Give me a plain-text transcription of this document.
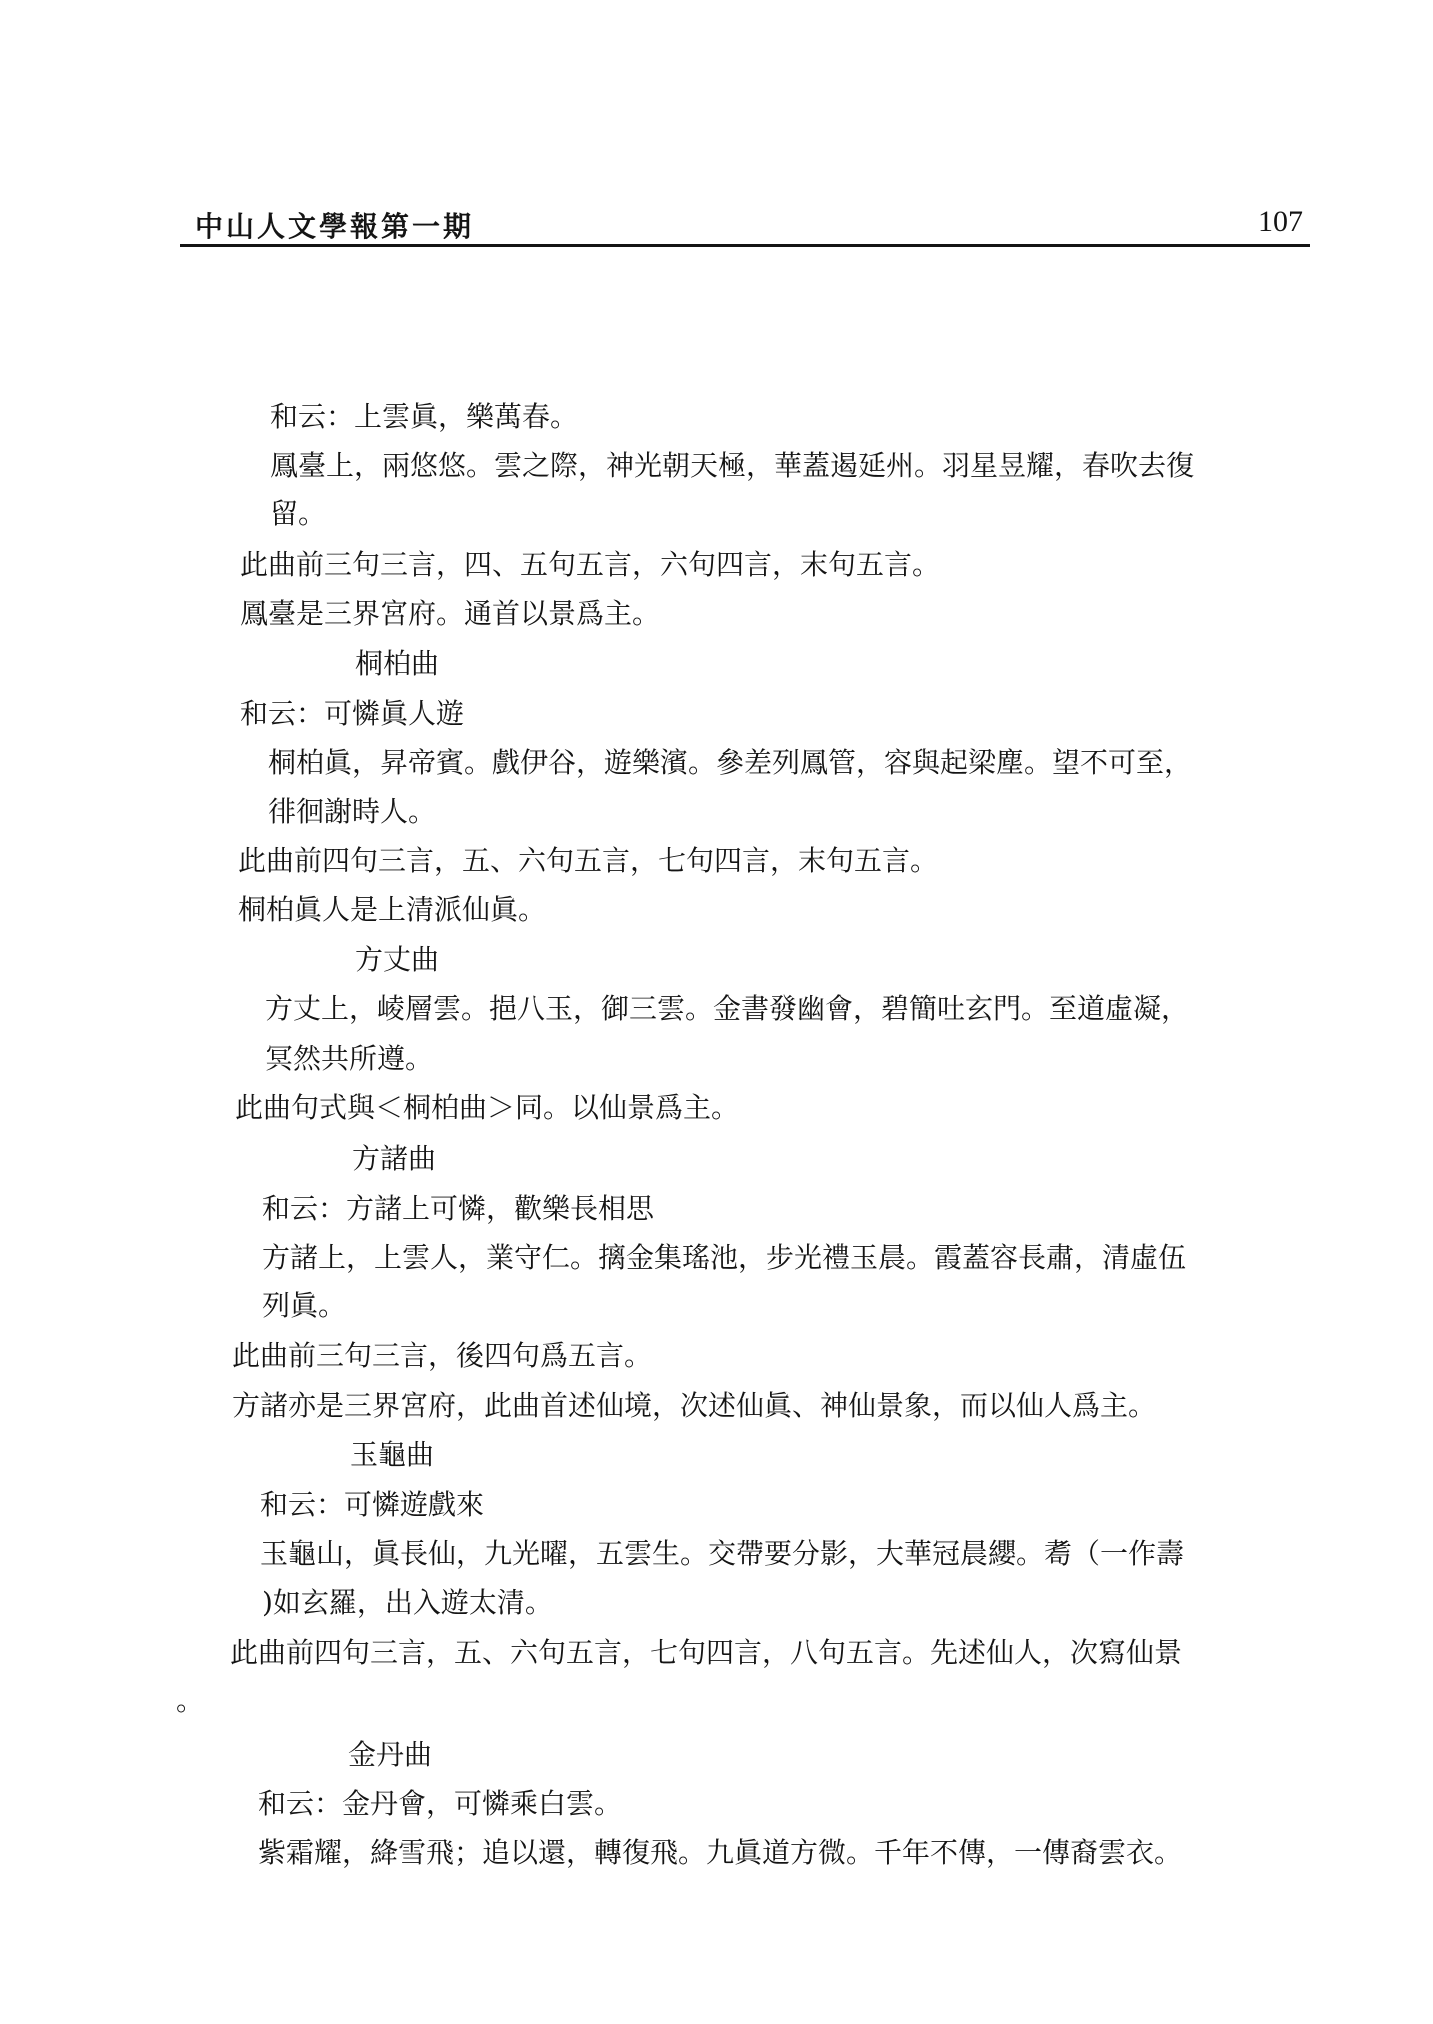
中山人文學報第一期	107
和云：上雲眞，樂萬春。
鳳臺上，兩悠悠。雲之際，神光朝天極，華蓋遏延州。羽星昱耀，春吹去復
留。
此曲前三句三言，四、五句五言，六句四言，末句五言。
鳳臺是三界宮府。通首以景爲主。
桐柏曲
和云：可憐眞人遊
桐柏眞，昇帝賓。戲伊谷，遊樂濱。參差列鳳管，容與起梁塵。望不可至，
徘徊謝時人。
此曲前四句三言，五、六句五言，七句四言，末句五言。
桐柏眞人是上清派仙眞。
方丈曲
方丈上，崚層雲。挹八玉，御三雲。金書發幽會，碧簡吐玄門。至道虛凝，
冥然共所遵。
此曲句式與＜桐柏曲＞同。以仙景爲主。
方諸曲
和云：方諸上可憐，歡樂長相思
方諸上，上雲人，業守仁。摛金集瑤池，步光禮玉晨。霞蓋容長肅，清虛伍
列眞。
此曲前三句三言，後四句爲五言。
方諸亦是三界宮府，此曲首述仙境，次述仙眞、神仙景象，而以仙人爲主。
玉龜曲
和云：可憐遊戲來
玉龜山，眞長仙，九光曜，五雲生。交帶要分影，大華冠晨纓。耈（一作壽
)如玄羅，出入遊太清。
此曲前四句三言，五、六句五言，七句四言，八句五言。先述仙人，次寫仙景
。
金丹曲
和云：金丹會，可憐乘白雲。
紫霜耀，絳雪飛；追以還，轉復飛。九眞道方微。千年不傳，一傳裔雲衣。
